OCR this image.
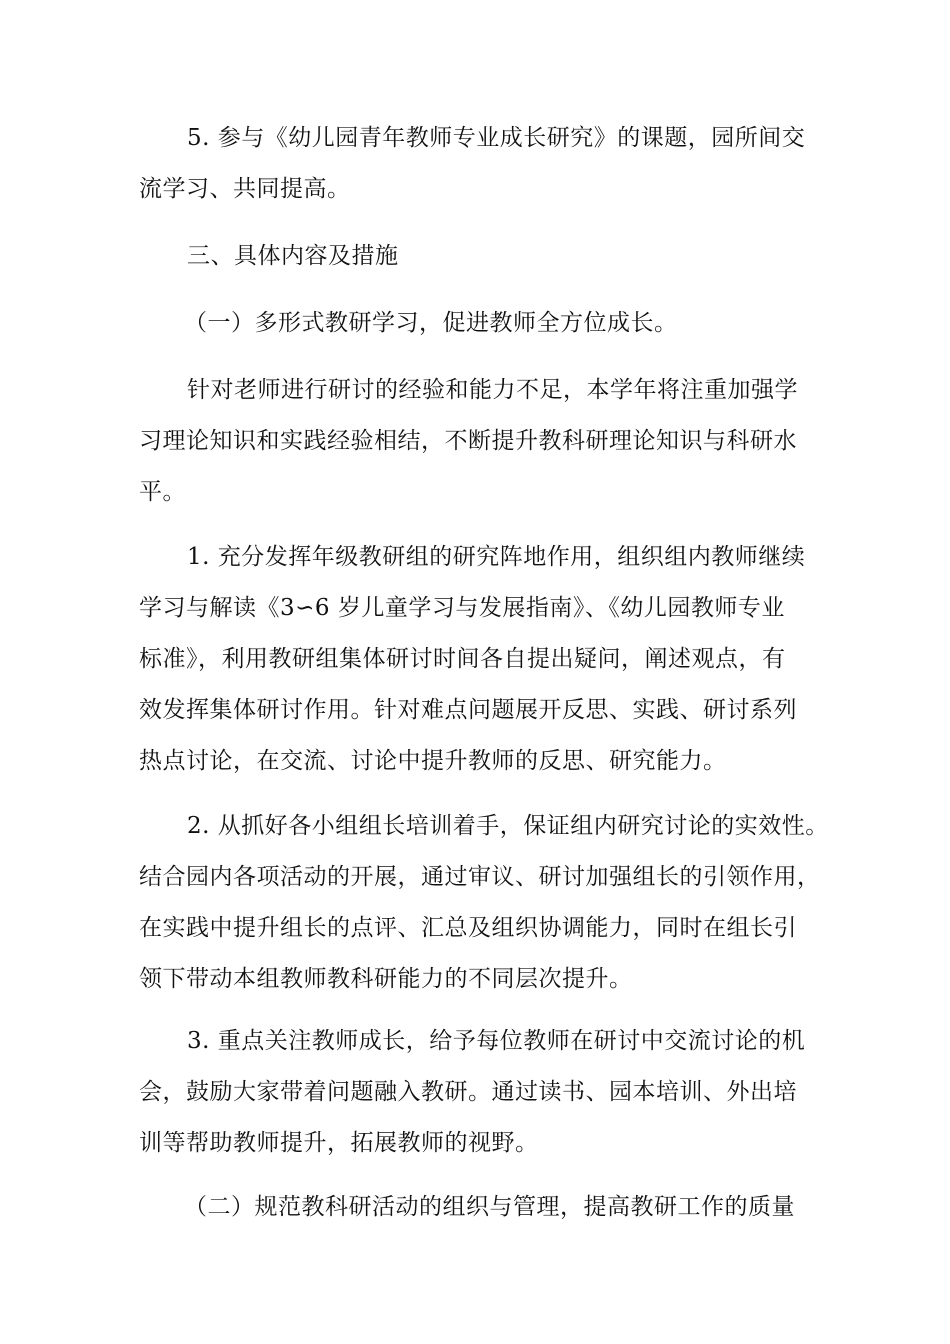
5. 参与《幼儿园青年教师专业成长研究》的课题，园所间交
流学习、共同提高。

三、具体内容及措施

（一）多形式教研学习，促进教师全方位成长。

针对老师进行研讨的经验和能力不足，本学年将注重加强学
习理论知识和实践经验相结，不断提升教科研理论知识与科研水
平。

1. 充分发挥年级教研组的研究阵地作用，组织组内教师继续
学习与解读《3∽6 岁儿童学习与发展指南》、《幼儿园教师专业
标准》，利用教研组集体研讨时间各自提出疑问，阐述观点，有
效发挥集体研讨作用。针对难点问题展开反思、实践、研讨系列
热点讨论，在交流、讨论中提升教师的反思、研究能力。

2. 从抓好各小组组长培训着手，保证组内研究讨论的实效性。
结合园内各项活动的开展，通过审议、研讨加强组长的引领作用，
在实践中提升组长的点评、汇总及组织协调能力，同时在组长引
领下带动本组教师教科研能力的不同层次提升。

3. 重点关注教师成长，给予每位教师在研讨中交流讨论的机
会，鼓励大家带着问题融入教研。通过读书、园本培训、外出培
训等帮助教师提升，拓展教师的视野。

（二）规范教科研活动的组织与管理，提高教研工作的质量
